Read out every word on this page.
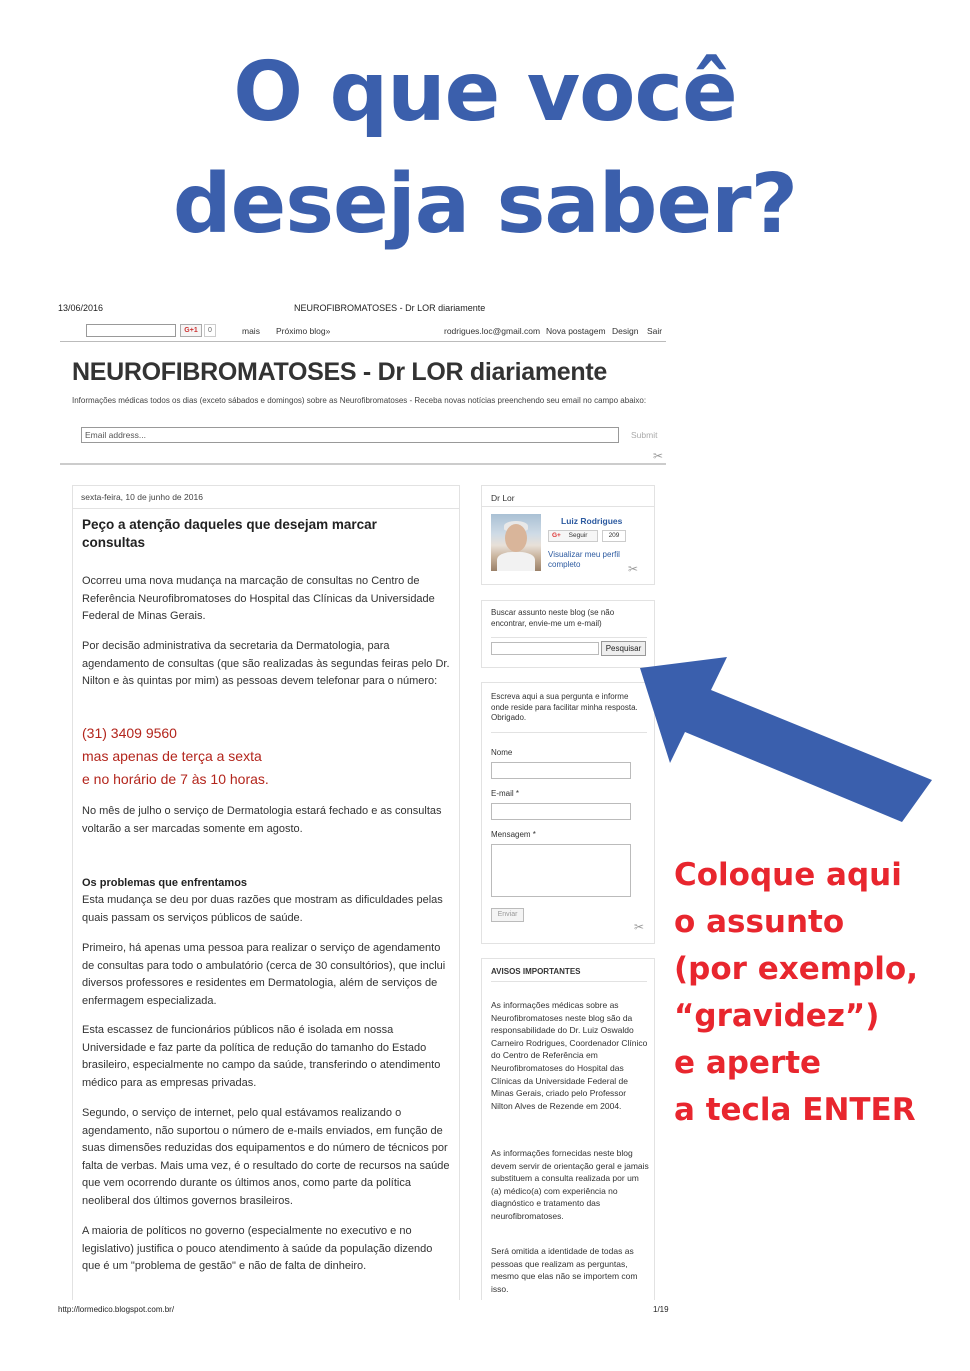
O que você
deseja saber?
13/06/2016	NEUROFIBROMATOSES - Dr LOR diariamente
G+1	0	mais Próximo blog»	rodrigues.loc@gmail.com Nova postagem Design Sair
NEUROFIBROMATOSES - Dr LOR diariamente
Informações médicas todos os dias (exceto sábados e domingos) sobre as Neurofibromatoses - Receba novas notícias preenchendo seu email no campo abaixo:
Email address...	Submit
✂
sexta-feira, 10 de junho de 2016
Peço a atenção daqueles que desejam marcar consultas
Ocorreu uma nova mudança na marcação de consultas no Centro de Referência Neurofibromatoses do Hospital das Clínicas da Universidade Federal de Minas Gerais.
Por decisão administrativa da secretaria da Dermatologia, para agendamento de consultas (que são realizadas às segundas feiras pelo Dr. Nilton e às quintas por mim) as pessoas devem telefonar para o número:
(31) 3409 9560
mas apenas de terça a sexta
e no horário de 7 às 10 horas.
No mês de julho o serviço de Dermatologia estará fechado e as consultas voltarão a ser marcadas somente em agosto.
Os problemas que enfrentamos
Esta mudança se deu por duas razões que mostram as dificuldades pelas quais passam os serviços públicos de saúde.
Primeiro, há apenas uma pessoa para realizar o serviço de agendamento de consultas para todo o ambulatório (cerca de 30 consultórios), que inclui diversos professores e residentes em Dermatologia, além de serviços de enfermagem especializada.
Esta escassez de funcionários públicos não é isolada em nossa Universidade e faz parte da política de redução do tamanho do Estado brasileiro, especialmente no campo da saúde, transferindo o atendimento médico para as empresas privadas.
Segundo, o serviço de internet, pelo qual estávamos realizando o agendamento, não suportou o número de e-mails enviados, em função de suas dimensões reduzidas dos equipamentos e do número de técnicos por falta de verbas. Mais uma vez, é o resultado do corte de recursos na saúde que vem ocorrendo durante os últimos anos, como parte da política neoliberal dos últimos governos brasileiros.
A maioria de políticos no governo (especialmente no executivo e no legislativo) justifica o pouco atendimento à saúde da população dizendo que é um "problema de gestão" e não de falta de dinheiro.
Dr Lor
Luiz Rodrigues
G+ Seguir	209
Visualizar meu perfil completo	✂
Buscar assunto neste blog (se não encontrar, envie-me um e-mail)
Pesquisar
Escreva aqui a sua pergunta e informe onde reside para facilitar minha resposta. Obrigado.
Nome
E-mail *
Mensagem *
Enviar
✂
AVISOS IMPORTANTES
As informações médicas sobre as Neurofibromatoses neste blog são da responsabilidade do Dr. Luiz Oswaldo Carneiro Rodrigues, Coordenador Clínico do Centro de Referência em Neurofibromatoses do Hospital das Clínicas da Universidade Federal de Minas Gerais, criado pelo Professor Nilton Alves de Rezende em 2004.
As informações fornecidas neste blog devem servir de orientação geral e jamais substituem a consulta realizada por um (a) médico(a) com experiência no diagnóstico e tratamento das neurofibromatoses.
Será omitida a identidade de todas as pessoas que realizam as perguntas, mesmo que elas não se importem com isso.
Coloque aqui
o assunto
(por exemplo,
“gravidez”)
e aperte
a tecla ENTER
http://lormedico.blogspot.com.br/	1/19
